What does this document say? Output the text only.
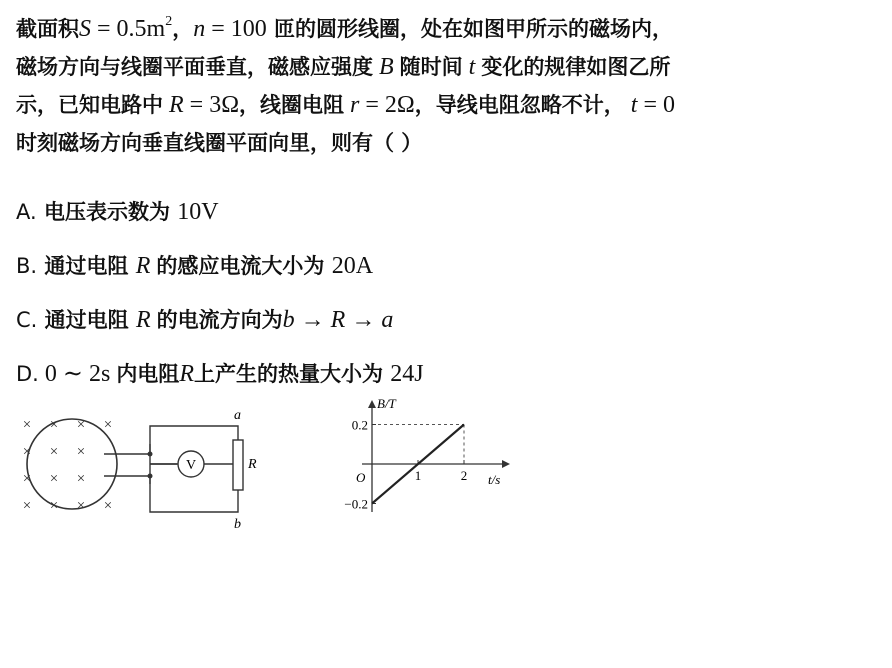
截面积$S = 0.5m^2$，n = 100 匝的圆形线圈，处在如图甲所示的磁场内，
磁场方向与线圈平面垂直，磁感应强度 B 随时间 t 变化的规律如图乙所
示，已知电路中 R = 3Ω，线圈电阻 r = 2Ω，导线电阻忽略不计， t = 0
时刻磁场方向垂直线圈平面向里，则有（ ）
A. 电压表示数为 10V
B. 通过电阻 R 的感应电流大小为 20A
C. 通过电阻 R 的电流方向为b → R → a
D. 0 ∼ 2s 内电阻R上产生的热量大小为 24J
× × × ×
× × ×
× × ×
× × × ×
V
a
b
R
1	2
0.2
−0.2
B/T
t/s
O
